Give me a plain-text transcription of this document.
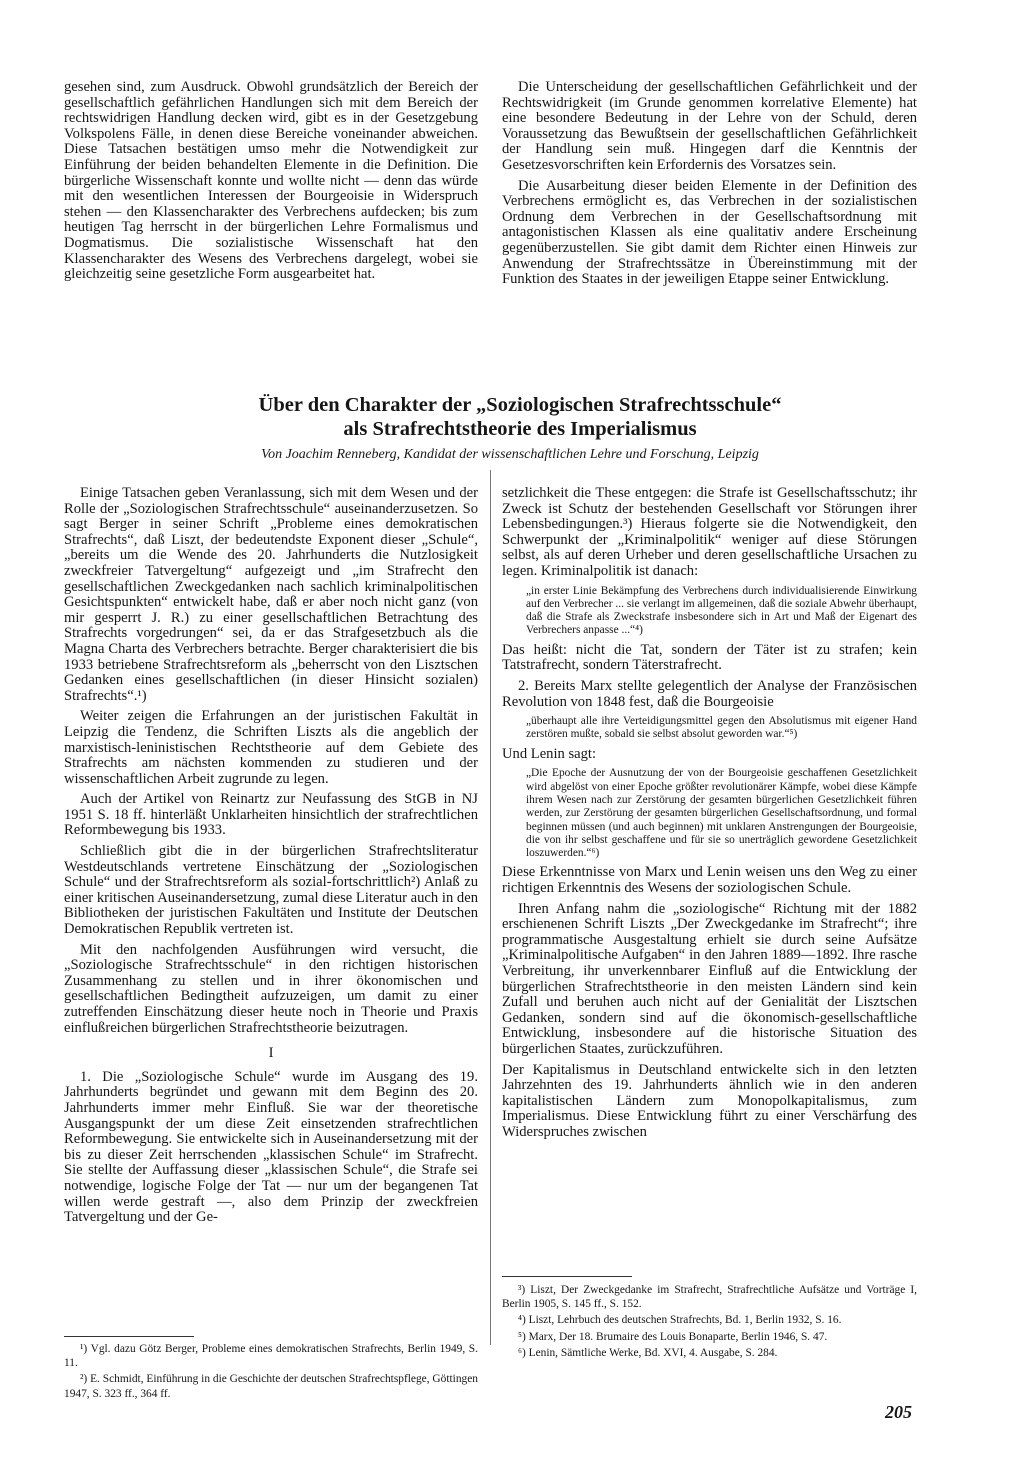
gesehen sind, zum Ausdruck. Obwohl grundsätzlich der Bereich der gesellschaftlich gefährlichen Handlungen sich mit dem Bereich der rechtswidrigen Handlung decken wird, gibt es in der Gesetzgebung Volkspolens Fälle, in denen diese Bereiche voneinander abweichen. Diese Tatsachen bestätigen umso mehr die Notwendigkeit zur Einführung der beiden behandelten Elemente in die Definition. Die bürgerliche Wissenschaft konnte und wollte nicht — denn das würde mit den wesentlichen Interessen der Bourgeoisie in Widerspruch stehen — den Klassencharakter des Verbrechens aufdecken; bis zum heutigen Tag herrscht in der bürgerlichen Lehre Formalismus und Dogmatismus. Die sozialistische Wissenschaft hat den Klassencharakter des Wesens des Verbrechens dargelegt, wobei sie gleichzeitig seine gesetzliche Form ausgearbeitet hat.

Die Unterscheidung der gesellschaftlichen Gefährlichkeit und der Rechtswidrigkeit (im Grunde genommen korrelative Elemente) hat eine besondere Bedeutung in der Lehre von der Schuld, deren Voraussetzung das Bewußtsein der gesellschaftlichen Gefährlichkeit der Handlung sein muß. Hingegen darf die Kenntnis der Gesetzesvorschriften kein Erfordernis des Vorsatzes sein.

Die Ausarbeitung dieser beiden Elemente in der Definition des Verbrechens ermöglicht es, das Verbrechen in der sozialistischen Ordnung dem Verbrechen in der Gesellschaftsordnung mit antagonistischen Klassen als eine qualitativ andere Erscheinung gegenüberzustellen. Sie gibt damit dem Richter einen Hinweis zur Anwendung der Strafrechtssätze in Übereinstimmung mit der Funktion des Staates in der jeweiligen Etappe seiner Entwicklung.

Über den Charakter der „Soziologischen Strafrechtsschule“
als Strafrechtstheorie des Imperialismus
Von Joachim Renneberg, Kandidat der wissenschaftlichen Lehre und Forschung, Leipzig

Einige Tatsachen geben Veranlassung, sich mit dem Wesen und der Rolle der „Soziologischen Strafrechtsschule“ auseinanderzusetzen. So sagt Berger in seiner Schrift „Probleme eines demokratischen Strafrechts“, daß Liszt, der bedeutendste Exponent dieser „Schule“, „bereits um die Wende des 20. Jahrhunderts die Nutzlosigkeit zweckfreier Tatvergeltung“ aufgezeigt und „im Strafrecht den gesellschaftlichen Zweckgedanken nach sachlich kriminalpolitischen Gesichtspunkten“ entwickelt habe, daß er aber noch nicht ganz (von mir gesperrt J. R.) zu einer gesellschaftlichen Betrachtung des Strafrechts vorgedrungen“ sei, da er das Strafgesetzbuch als die Magna Charta des Verbrechers betrachte. Berger charakterisiert die bis 1933 betriebene Strafrechtsreform als „beherrscht von den Lisztschen Gedanken eines gesellschaftlichen (in dieser Hinsicht sozialen) Strafrechts“.¹)

Weiter zeigen die Erfahrungen an der juristischen Fakultät in Leipzig die Tendenz, die Schriften Liszts als die angeblich der marxistisch-leninistischen Rechtstheorie auf dem Gebiete des Strafrechts am nächsten kommenden zu studieren und der wissenschaftlichen Arbeit zugrunde zu legen.

Auch der Artikel von Reinartz zur Neufassung des StGB in NJ 1951 S. 18 ff. hinterläßt Unklarheiten hinsichtlich der strafrechtlichen Reformbewegung bis 1933.

Schließlich gibt die in der bürgerlichen Strafrechtsliteratur Westdeutschlands vertretene Einschätzung der „Soziologischen Schule“ und der Strafrechtsreform als sozial-fortschrittlich²) Anlaß zu einer kritischen Auseinandersetzung, zumal diese Literatur auch in den Bibliotheken der juristischen Fakultäten und Institute der Deutschen Demokratischen Republik vertreten ist.

Mit den nachfolgenden Ausführungen wird versucht, die „Soziologische Strafrechtsschule“ in den richtigen historischen Zusammenhang zu stellen und in ihrer ökonomischen und gesellschaftlichen Bedingtheit aufzuzeigen, um damit zu einer zutreffenden Einschätzung dieser heute noch in Theorie und Praxis einflußreichen bürgerlichen Strafrechtstheorie beizutragen.

I

1. Die „Soziologische Schule“ wurde im Ausgang des 19. Jahrhunderts begründet und gewann mit dem Beginn des 20. Jahrhunderts immer mehr Einfluß. Sie war der theoretische Ausgangspunkt der um diese Zeit einsetzenden strafrechtlichen Reformbewegung. Sie entwickelte sich in Auseinandersetzung mit der bis zu dieser Zeit herrschenden „klassischen Schule“ im Strafrecht. Sie stellte der Auffassung dieser „klassischen Schule“, die Strafe sei notwendige, logische Folge der Tat — nur um der begangenen Tat willen werde gestraft —, also dem Prinzip der zweckfreien Tatvergeltung und der Ge-

¹) Vgl. dazu Götz Berger, Probleme eines demokratischen Strafrechts, Berlin 1949, S. 11.

²) E. Schmidt, Einführung in die Geschichte der deutschen Strafrechtspflege, Göttingen 1947, S. 323 ff., 364 ff.

setzlichkeit die These entgegen: die Strafe ist Gesellschaftsschutz; ihr Zweck ist Schutz der bestehenden Gesellschaft vor Störungen ihrer Lebensbedingungen.³) Hieraus folgerte sie die Notwendigkeit, den Schwerpunkt der „Kriminalpolitik“ weniger auf diese Störungen selbst, als auf deren Urheber und deren gesellschaftliche Ursachen zu legen. Kriminalpolitik ist danach:

„in erster Linie Bekämpfung des Verbrechens durch individualisierende Einwirkung auf den Verbrecher ... sie verlangt im allgemeinen, daß die soziale Abwehr überhaupt, daß die Strafe als Zweckstrafe insbesondere sich in Art und Maß der Eigenart des Verbrechers anpasse ...“⁴)

Das heißt: nicht die Tat, sondern der Täter ist zu strafen; kein Tatstrafrecht, sondern Täterstrafrecht.

2. Bereits Marx stellte gelegentlich der Analyse der Französischen Revolution von 1848 fest, daß die Bourgeoisie

„überhaupt alle ihre Verteidigungsmittel gegen den Absolutismus mit eigener Hand zerstören mußte, sobald sie selbst absolut geworden war.“⁵)

Und Lenin sagt:

„Die Epoche der Ausnutzung der von der Bourgeoisie geschaffenen Gesetzlichkeit wird abgelöst von einer Epoche größter revolutionärer Kämpfe, wobei diese Kämpfe ihrem Wesen nach zur Zerstörung der gesamten bürgerlichen Gesetzlichkeit führen werden, zur Zerstörung der gesamten bürgerlichen Gesellschaftsordnung, und formal beginnen müssen (und auch beginnen) mit unklaren Anstrengungen der Bourgeoisie, die von ihr selbst geschaffene und für sie so unerträglich gewordene Gesetzlichkeit loszuwerden.“⁶)

Diese Erkenntnisse von Marx und Lenin weisen uns den Weg zu einer richtigen Erkenntnis des Wesens der soziologischen Schule.

Ihren Anfang nahm die „soziologische“ Richtung mit der 1882 erschienenen Schrift Liszts „Der Zweckgedanke im Strafrecht“; ihre programmatische Ausgestaltung erhielt sie durch seine Aufsätze „Kriminalpolitische Aufgaben“ in den Jahren 1889—1892. Ihre rasche Verbreitung, ihr unverkennbarer Einfluß auf die Entwicklung der bürgerlichen Strafrechtstheorie in den meisten Ländern sind kein Zufall und beruhen auch nicht auf der Genialität der Lisztschen Gedanken, sondern sind auf die ökonomisch-gesellschaftliche Entwicklung, insbesondere auf die historische Situation des bürgerlichen Staates, zurückzuführen.

Der Kapitalismus in Deutschland entwickelte sich in den letzten Jahrzehnten des 19. Jahrhunderts ähnlich wie in den anderen kapitalistischen Ländern zum Monopolkapitalismus, zum Imperialismus. Diese Entwicklung führt zu einer Verschärfung des Widerspruches zwischen

³) Liszt, Der Zweckgedanke im Strafrecht, Strafrechtliche Aufsätze und Vorträge I, Berlin 1905, S. 145 ff., S. 152.

⁴) Liszt, Lehrbuch des deutschen Strafrechts, Bd. 1, Berlin 1932, S. 16.

⁵) Marx, Der 18. Brumaire des Louis Bonaparte, Berlin 1946, S. 47.

⁶) Lenin, Sämtliche Werke, Bd. XVI, 4. Ausgabe, S. 284.

205
